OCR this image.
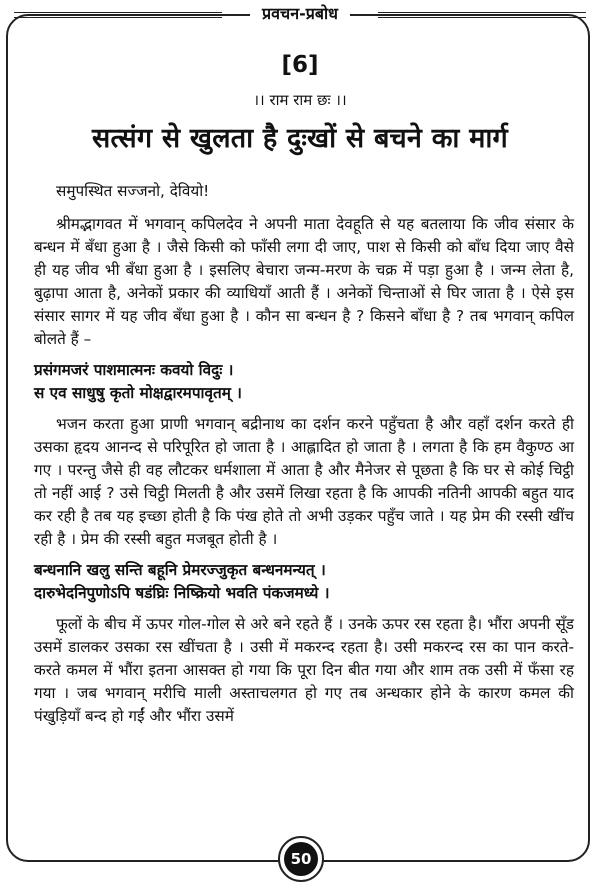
प्रवचन-प्रबोध
[6]
।। राम राम छः ।।
सत्संग से खुलता है दुःखों से बचने का मार्ग

समुपस्थित सज्जनो, देवियो!

श्रीमद्भागवत में भगवान् कपिलदेव ने अपनी माता देवहूति से यह बतलाया कि जीव संसार के बन्धन में बँधा हुआ है । जैसे किसी को फाँसी लगा दी जाए, पाश से किसी को बाँध दिया जाए वैसे ही यह जीव भी बँधा हुआ है । इसलिए बेचारा जन्म-मरण के चक्र में पड़ा हुआ है । जन्म लेता है, बुढ़ापा आता है, अनेकों प्रकार की व्याधियाँ आती हैं । अनेकों चिन्ताओं से घिर जाता है । ऐसे इस संसार सागर में यह जीव बँधा हुआ है । कौन सा बन्धन है ? किसने बाँधा है ? तब भगवान् कपिल बोलते हैं –

प्रसंगमजरं पाशमात्मनः कवयो विदुः ।
स एव साधुषु कृतो मोक्षद्वारमपावृतम् ।

भजन करता हुआ प्राणी भगवान् बद्रीनाथ का दर्शन करने पहुँचता है और वहाँ दर्शन करते ही उसका हृदय आनन्द से परिपूरित हो जाता है । आह्लादित हो जाता है । लगता है कि हम वैकुण्ठ आ गए । परन्तु जैसे ही वह लौटकर धर्मशाला में आता है और मैनेजर से पूछता है कि घर से कोई चिट्ठी तो नहीं आई ? उसे चिट्ठी मिलती है और उसमें लिखा रहता है कि आपकी नतिनी आपकी बहुत याद कर रही है तब यह इच्छा होती है कि पंख होते तो अभी उड़कर पहुँच जाते । यह प्रेम की रस्सी खींच रही है । प्रेम की रस्सी बहुत मजबूत होती है ।

बन्धनानि खलु सन्ति बहूनि प्रेमरज्जुकृत बन्धनमन्यत् ।
दारुभेदनिपुणोऽपि षडंघ्रिः निष्क्रियो भवति पंकजमध्ये ।

फूलों के बीच में ऊपर गोल-गोल से अरे बने रहते हैं । उनके ऊपर रस रहता है। भौंरा अपनी सूँड उसमें डालकर उसका रस खींचता है । उसी में मकरन्द रहता है। उसी मकरन्द रस का पान करते-करते कमल में भौंरा इतना आसक्त हो गया कि पूरा दिन बीत गया और शाम तक उसी में फँसा रह गया । जब भगवान् मरीचि माली अस्ताचलगत हो गए तब अन्धकार होने के कारण कमल की पंखुड़ियाँ बन्द हो गईं और भौंरा उसमें

50
